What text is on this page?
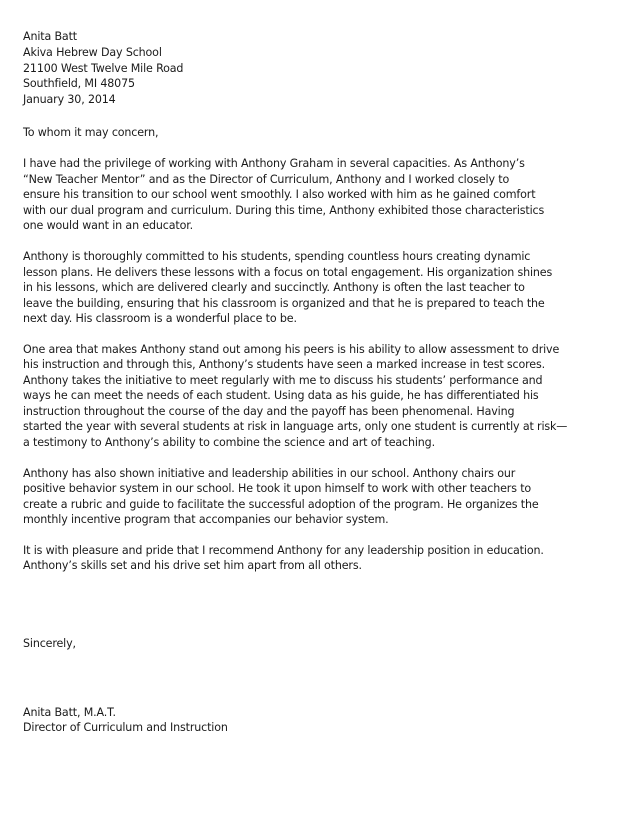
Anita Batt
Akiva Hebrew Day School
21100 West Twelve Mile Road
Southfield, MI 48075
January 30, 2014
To whom it may concern,
I have had the privilege of working with Anthony Graham in several capacities. As Anthony’s
“New Teacher Mentor” and as the Director of Curriculum, Anthony and I worked closely to
ensure his transition to our school went smoothly. I also worked with him as he gained comfort
with our dual program and curriculum. During this time, Anthony exhibited those characteristics
one would want in an educator.
Anthony is thoroughly committed to his students, spending countless hours creating dynamic
lesson plans. He delivers these lessons with a focus on total engagement. His organization shines
in his lessons, which are delivered clearly and succinctly. Anthony is often the last teacher to
leave the building, ensuring that his classroom is organized and that he is prepared to teach the
next day. His classroom is a wonderful place to be.
One area that makes Anthony stand out among his peers is his ability to allow assessment to drive
his instruction and through this, Anthony’s students have seen a marked increase in test scores.
Anthony takes the initiative to meet regularly with me to discuss his students’ performance and
ways he can meet the needs of each student. Using data as his guide, he has differentiated his
instruction throughout the course of the day and the payoff has been phenomenal. Having
started the year with several students at risk in language arts, only one student is currently at risk—
a testimony to Anthony’s ability to combine the science and art of teaching.
Anthony has also shown initiative and leadership abilities in our school. Anthony chairs our
positive behavior system in our school. He took it upon himself to work with other teachers to
create a rubric and guide to facilitate the successful adoption of the program. He organizes the
monthly incentive program that accompanies our behavior system.
It is with pleasure and pride that I recommend Anthony for any leadership position in education.
Anthony’s skills set and his drive set him apart from all others.
Sincerely,
Anita Batt, M.A.T.
Director of Curriculum and Instruction
